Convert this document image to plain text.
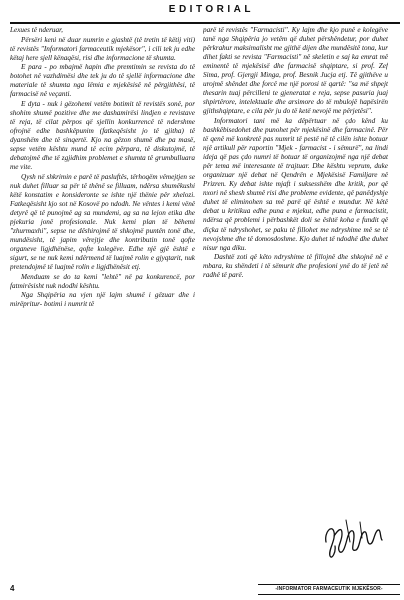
EDITORIAL

Lexues të nderuar,

Përsëri keni në duar numrin e gjashtë (të tretin të këtij viti) të revistës "Informatori farmaceutik mjekësor", i cili tek ju edhe këtaj here sjell kënaqësi, risi dhe informacione të shumta.

E para - po mbajmë hapin dhe premtimin se revista do të botohet në vazhdimësi dhe tek ju do të sjellë informacione dhe materiale të shumta nga lëmia e mjekësisë në përgjithësi, të farmacisë në veçanti.

E dyta - nuk i gëzohemi vetëm botimit të revistës sonë, por shohim shumë pozitive dhe me dashamirësi lindjen e revistave të reja, të cilat përpos që sjellin konkurrencë të ndershme ofrojnë edhe bashkëpunim (fatkeqësisht jo të gjitha) të dyanshëm dhe të sinqertë. Kjo na gëzon shumë dhe pa masë, sepse vetëm kështu mund të ecim përpara, të diskutojmë, të debatojmë dhe të zgjidhim problemet e shumta të grumbulluara me vite.

Qysh në shkrimin e parë të pasluftës, tërhoqëm vëmejtjen se nuk duhet filluar sa për të thënë se filluam, ndërsa shumëkushi këtë konstatim e konsideronte se ishte një thënie për xhelozi. Fatkeqësisht kjo sot në Kosovë po ndodh. Ne vëntes i kemi vënë detyrë që të punojmë ag sa mundemi, ag sa na lejon etika dhe pjekuria jonë profesionale. Nuk kemi plan të bëhemi "zhurmaxhi", sepse ne dëshirojmë të shkojmë puntën tonë dhe, mundësisht, të japim vërejtje dhe kontributin tonë qofte organeve ligjdhënëse, qofte kolegëve. Edhe një gjë është e sigurt, se ne nuk kemi ndërmend të luajmë rolin e gjyqtarit, nuk pretendojmë të luajmë rolin e ligjdhënësit etj.

Menduam se do ta kemi "lehtë" në pa konkurencë, por fatmirësisht nuk ndodhi kështu.

Nga Shqipëria na vjen një lajm shumë i gëzuar dhe i mirëpritur- botimi i numrit të

parë të revistës "Farmacisti". Ky lajm dhe kjo punë e kolegëve tanë nga Shqipëria jo vetëm që duhet përshëndetur, por duhet përkrahur maksimalisht me gjithë dijen dhe mundësitë tona, kur dihet fakti se revista "Farmacisti" në skeletin e saj ka emrat më eminentë të mjekësisë dhe farmacisë shqiptare, si prof. Zef Sima, prof. Gjergji Minga, prof. Besnik Jucja etj. Të gjithëve u urojmë shëndet dhe forcë me një porosi të qartë: "sa më shpejt thesarin tuaj përcilleni te gjeneratat e reja, sepse pasuria juaj shpirtërore, intelektuale dhe arsimore do të mbulojë hapësirën gjithshqiptare, e cila për ju do të ketë nevojë me përjetësi".

Informatori tani më ka dëpërtuar në çdo kënd ku bashkëbisedohet dhe punohet për mjekësinë dhe farmacinë. Për të qenë më konkretë pas numrit të pestë në të cilën ishte botuar një artikull për raportin "Mjek - farmacist - i sëmurë", na lindi ideja që pas çdo numri të botuar të organizojmë nga një debat për tema më interesante të trajtuar. Dhe kështu veprum, duke organizuar një debat në Qendrën e Mjekësisë Familjare në Prizren. Ky debat ishte mjaft i suksesshëm dhe kritik, por që nxori në shesh shumë risi dhe probleme evidente, që panëdyshje duhet të eliminohen sa më parë që është e mundur. Në këtë debat u kritikua edhe puna e mjekut, edhe puna e farmacistit, ndërsa që problemi i përbashkët doli se është koha e fundit që diçka të ndryshohet, se paku të fillohet me ndryshime më se të nevojshme dhe të domosdoshme. Kjo duhet të ndodhë dhe duhet nisur nga diku.

Dashtë zoti që këto ndryshime të fillojnë dhe shkojnë në e mbara, ku shëndeti i të sëmurit dhe profesioni ynë do të jetë në radhë të parë.

4	-INFORMATOR FARMACEUTIK MJEKËSOR-
